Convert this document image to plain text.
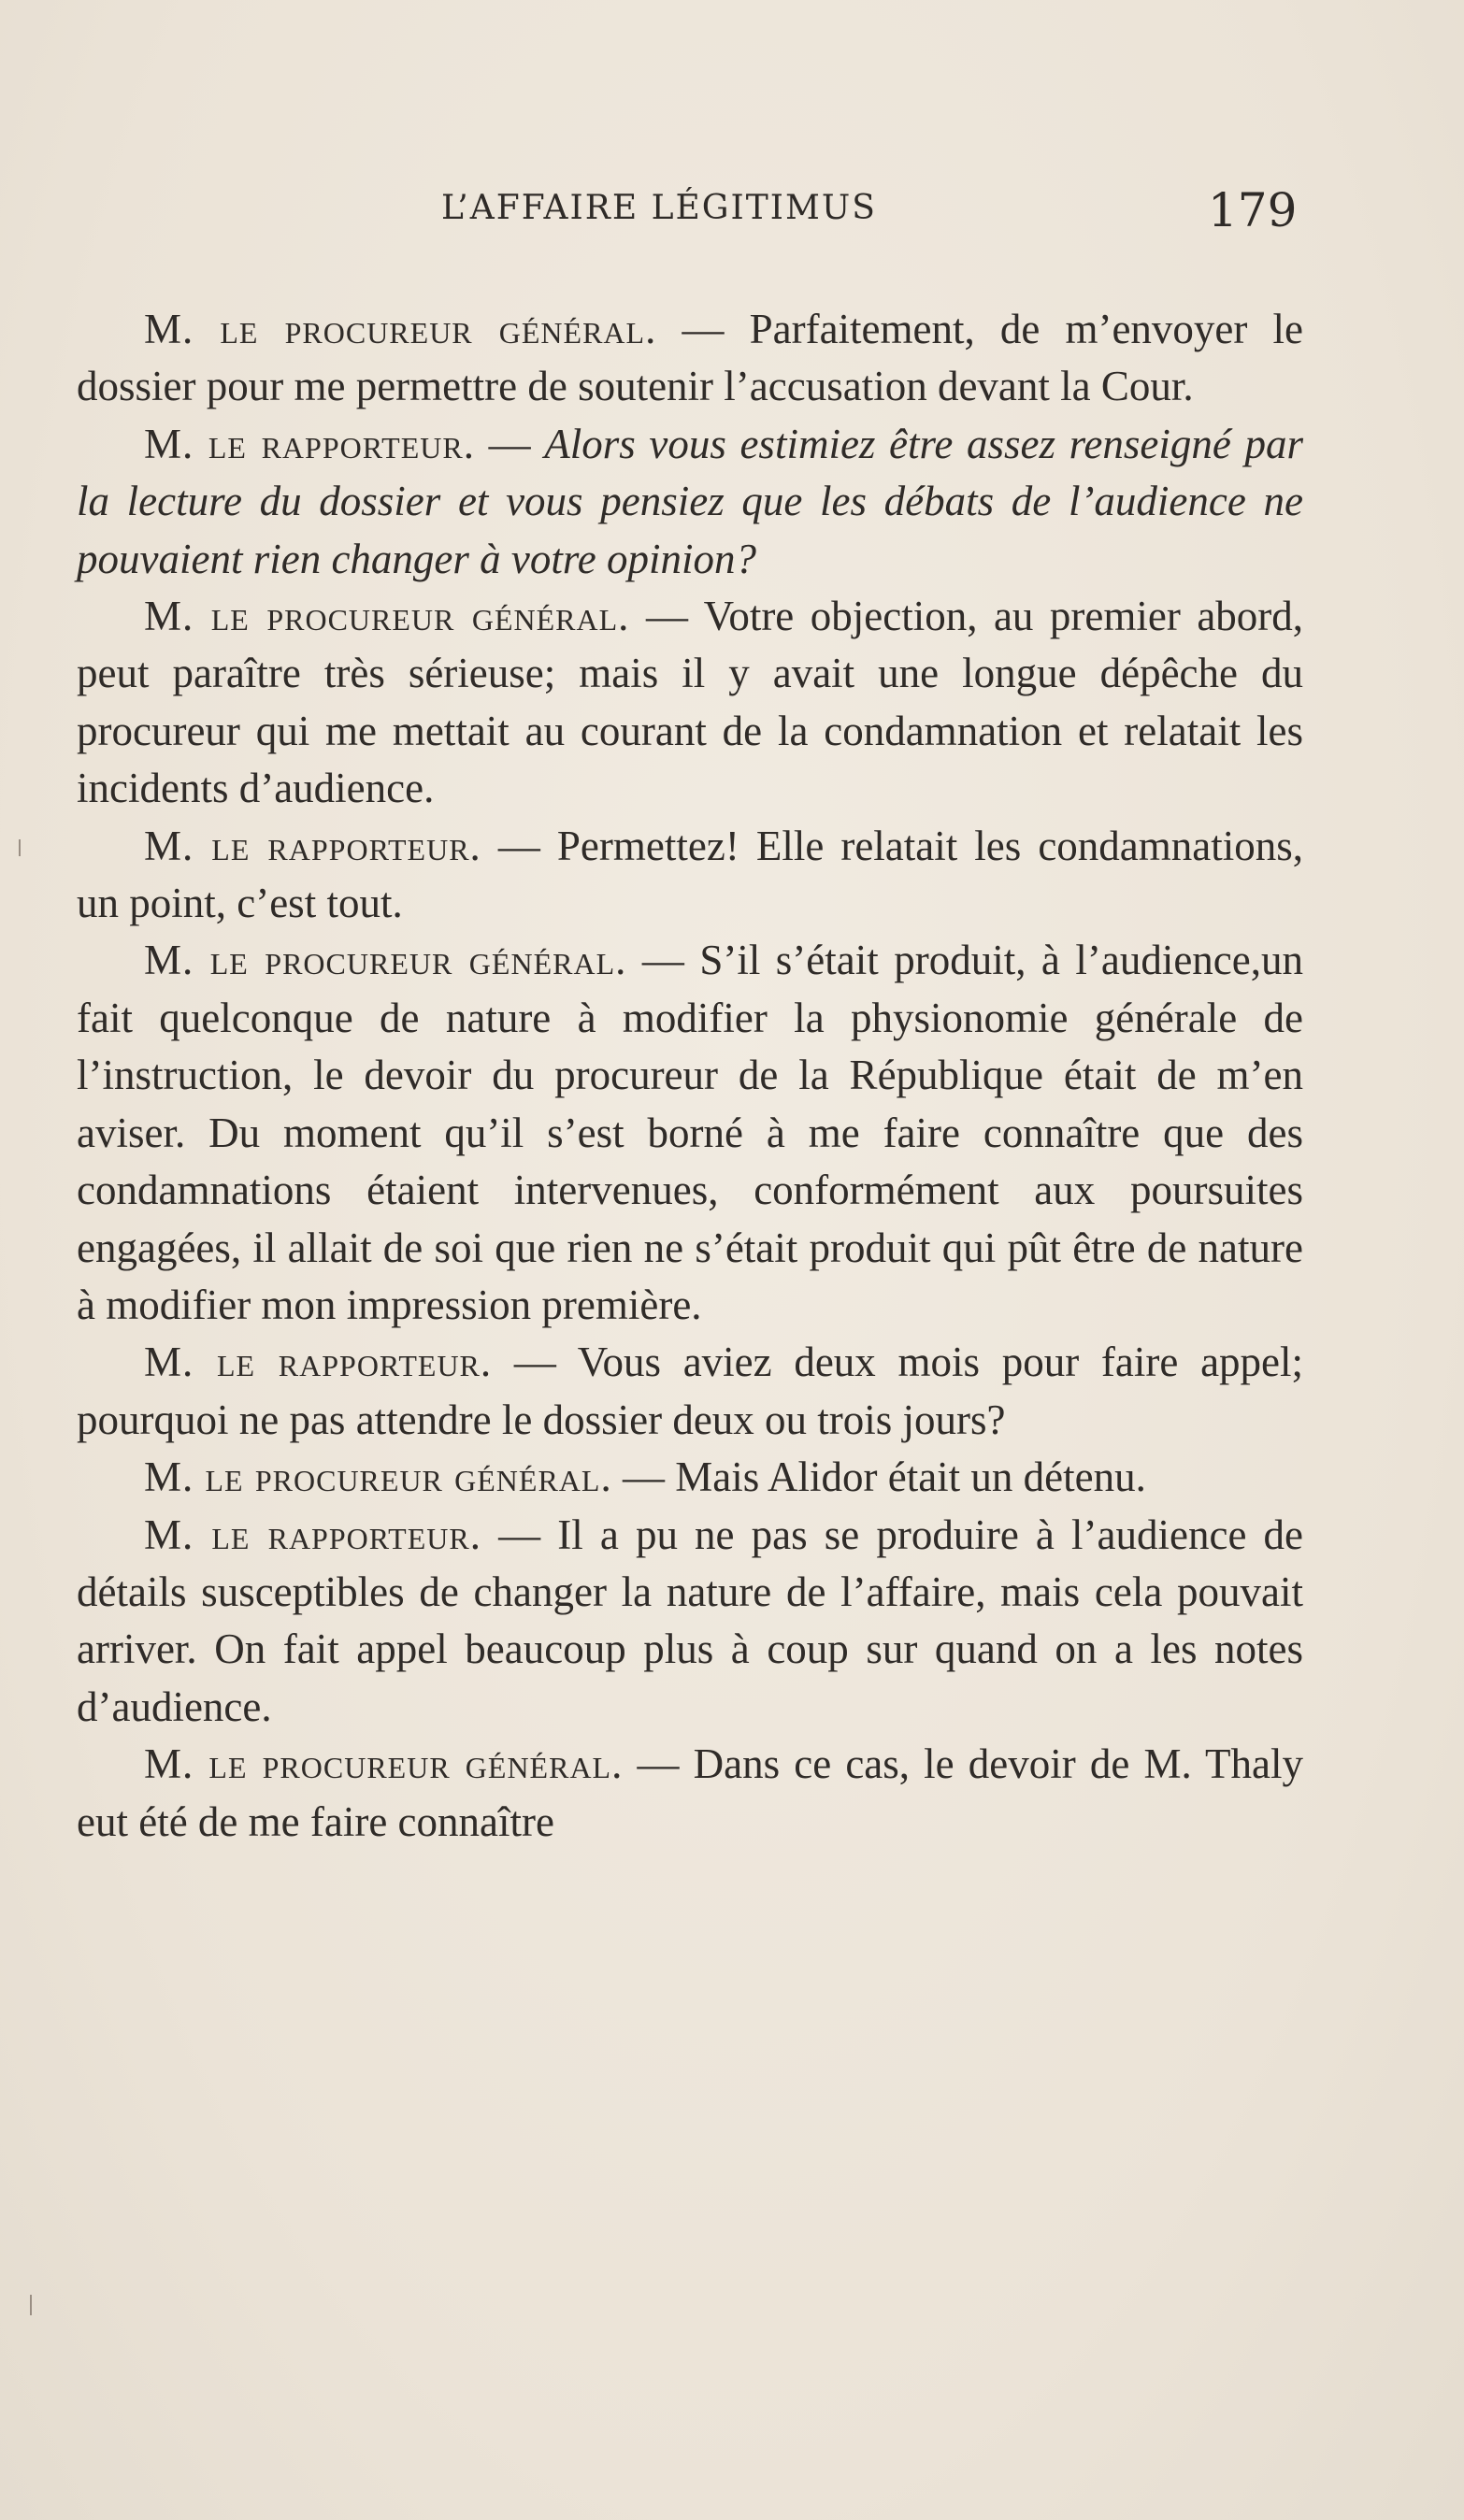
L’AFFAIRE LÉGITIMUS	179

M. le procureur général. — Parfaitement, de m’envoyer le dossier pour me permettre de soutenir l’accusation devant la Cour.

M. le rapporteur. — Alors vous estimiez être assez renseigné par la lecture du dossier et vous pensiez que les débats de l’audience ne pouvaient rien changer à votre opinion?

M. le procureur général. — Votre objection, au premier abord, peut paraître très sérieuse; mais il y avait une longue dépêche du procureur qui me mettait au courant de la condamnation et relatait les incidents d’audience.

M. le rapporteur. — Permettez! Elle relatait les condamnations, un point, c’est tout.

M. le procureur général. — S’il s’était produit, à l’audience,un fait quelconque de nature à modifier la physionomie générale de l’instruction, le devoir du procureur de la République était de m’en aviser. Du moment qu’il s’est borné à me faire connaître que des condamnations étaient intervenues, conformément aux poursuites engagées, il allait de soi que rien ne s’était produit qui pût être de nature à modifier mon impression première.

M. le rapporteur. — Vous aviez deux mois pour faire appel; pourquoi ne pas attendre le dossier deux ou trois jours?

M. le procureur général. — Mais Alidor était un détenu.

M. le rapporteur. — Il a pu ne pas se produire à l’audience de détails susceptibles de changer la nature de l’affaire, mais cela pouvait arriver. On fait appel beaucoup plus à coup sur quand on a les notes d’audience.

M. le procureur général. — Dans ce cas, le devoir de M. Thaly eut été de me faire connaître
